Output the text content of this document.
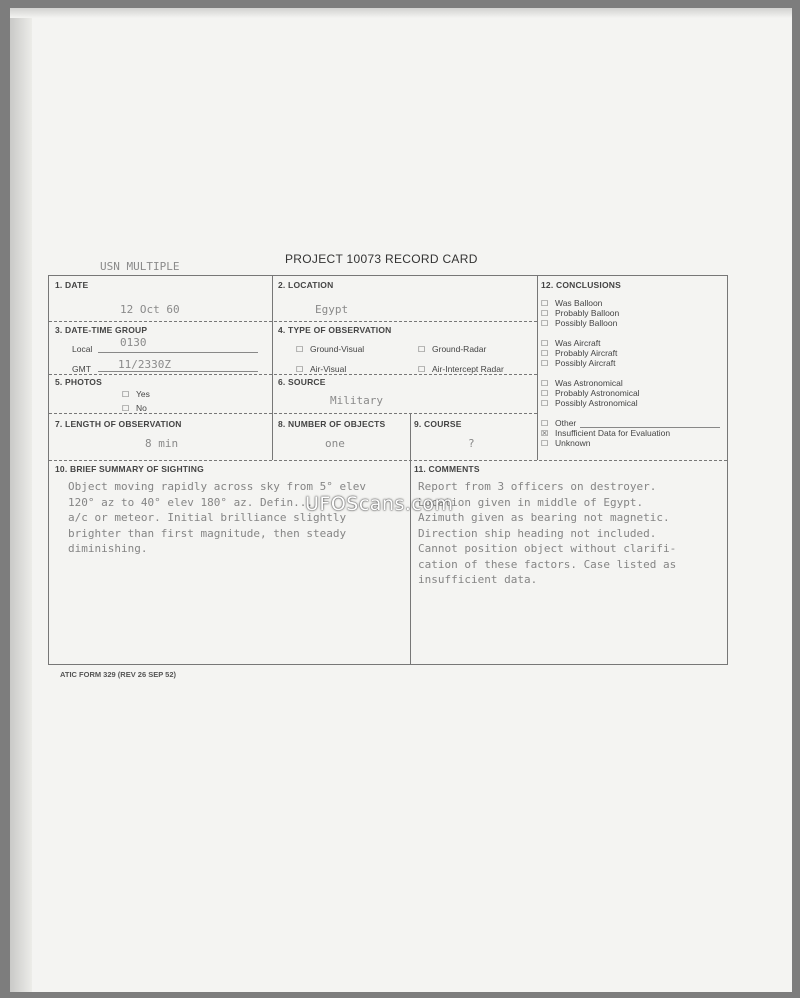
USN MULTIPLE
PROJECT 10073 RECORD CARD
1. DATE
12 Oct 60
2. LOCATION
Egypt
3. DATE-TIME GROUP
Local	0130
GMT 11/2330Z
4. TYPE OF OBSERVATION
☐ Ground-Visual	☐ Ground-Radar
☐ Air-Visual	☐ Air-Intercept Radar
5. PHOTOS
☐ Yes
☐ No
6. SOURCE
Military
7. LENGTH OF OBSERVATION
8 min
8. NUMBER OF OBJECTS
one
9. COURSE
?
12. CONCLUSIONS
☐ Was Balloon
☐ Probably Balloon
☐ Possibly Balloon
☐ Was Aircraft
☐ Probably Aircraft
☐ Possibly Aircraft
☐ Was Astronomical
☐ Probably Astronomical
☐ Possibly Astronomical
☐ Other
☒ Insufficient Data for Evaluation
☐ Unknown
10. BRIEF SUMMARY OF SIGHTING
Object moving rapidly across sky from 5° elev
120° az to 40° elev 180° az. Defin...
a/c or meteor. Initial brilliance slightly
brighter than first magnitude, then steady
diminishing.
11. COMMENTS
Report from 3 officers on destroyer.
Location given in middle of Egypt.
Azimuth given as bearing not magnetic.
Direction ship heading not included.
Cannot position object without clarifi-
cation of these factors. Case listed as
insufficient data.
UFOScans.com
ATIC FORM 329 (REV 26 SEP 52)
